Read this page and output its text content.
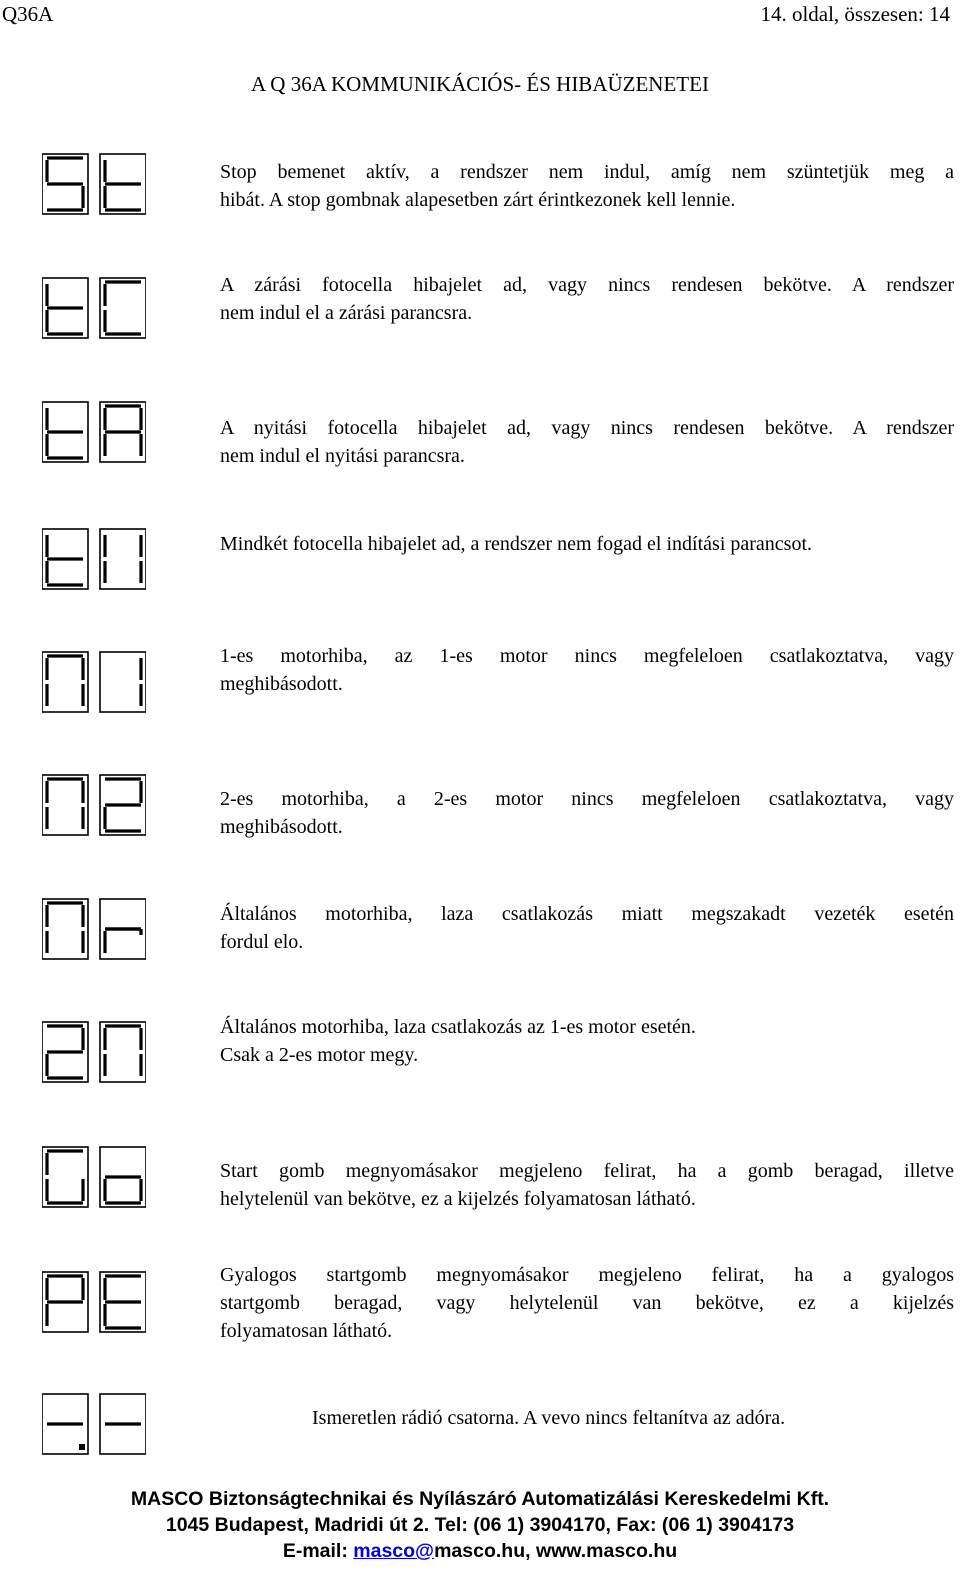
Q36A	14. oldal, összesen: 14
A Q 36A KOMMUNIKÁCIÓS- ÉS HIBAÜZENETEI
Stop bemenet aktív, a rendszer nem indul, amíg nem szüntetjük meg a
hibát. A stop gombnak alapesetben zárt érintkezonek kell lennie.
A zárási fotocella hibajelet ad, vagy nincs rendesen bekötve. A rendszer
nem indul el a zárási parancsra.
A nyitási fotocella hibajelet ad, vagy nincs rendesen bekötve. A rendszer
nem indul el nyitási parancsra.
Mindkét fotocella hibajelet ad, a rendszer nem fogad el indítási parancsot.
1-es motorhiba, az 1-es motor nincs megfeleloen csatlakoztatva, vagy
meghibásodott.
2-es motorhiba, a 2-es motor nincs megfeleloen csatlakoztatva, vagy
meghibásodott.
Általános motorhiba, laza csatlakozás miatt megszakadt vezeték esetén
fordul elo.
Általános motorhiba, laza csatlakozás az 1-es motor esetén.
Csak a 2-es motor megy.
Start gomb megnyomásakor megjeleno felirat, ha a gomb beragad, illetve
helytelenül van bekötve, ez a kijelzés folyamatosan látható.
Gyalogos startgomb megnyomásakor megjeleno felirat, ha a gyalogos
startgomb beragad, vagy helytelenül van bekötve, ez a kijelzés
folyamatosan látható.
Ismeretlen rádió csatorna. A vevo nincs feltanítva az adóra.
MASCO Biztonságtechnikai és Nyílászáró Automatizálási Kereskedelmi Kft.
1045 Budapest, Madridi út 2. Tel: (06 1) 3904170, Fax: (06 1) 3904173
E-mail: masco@masco.hu, www.masco.hu
